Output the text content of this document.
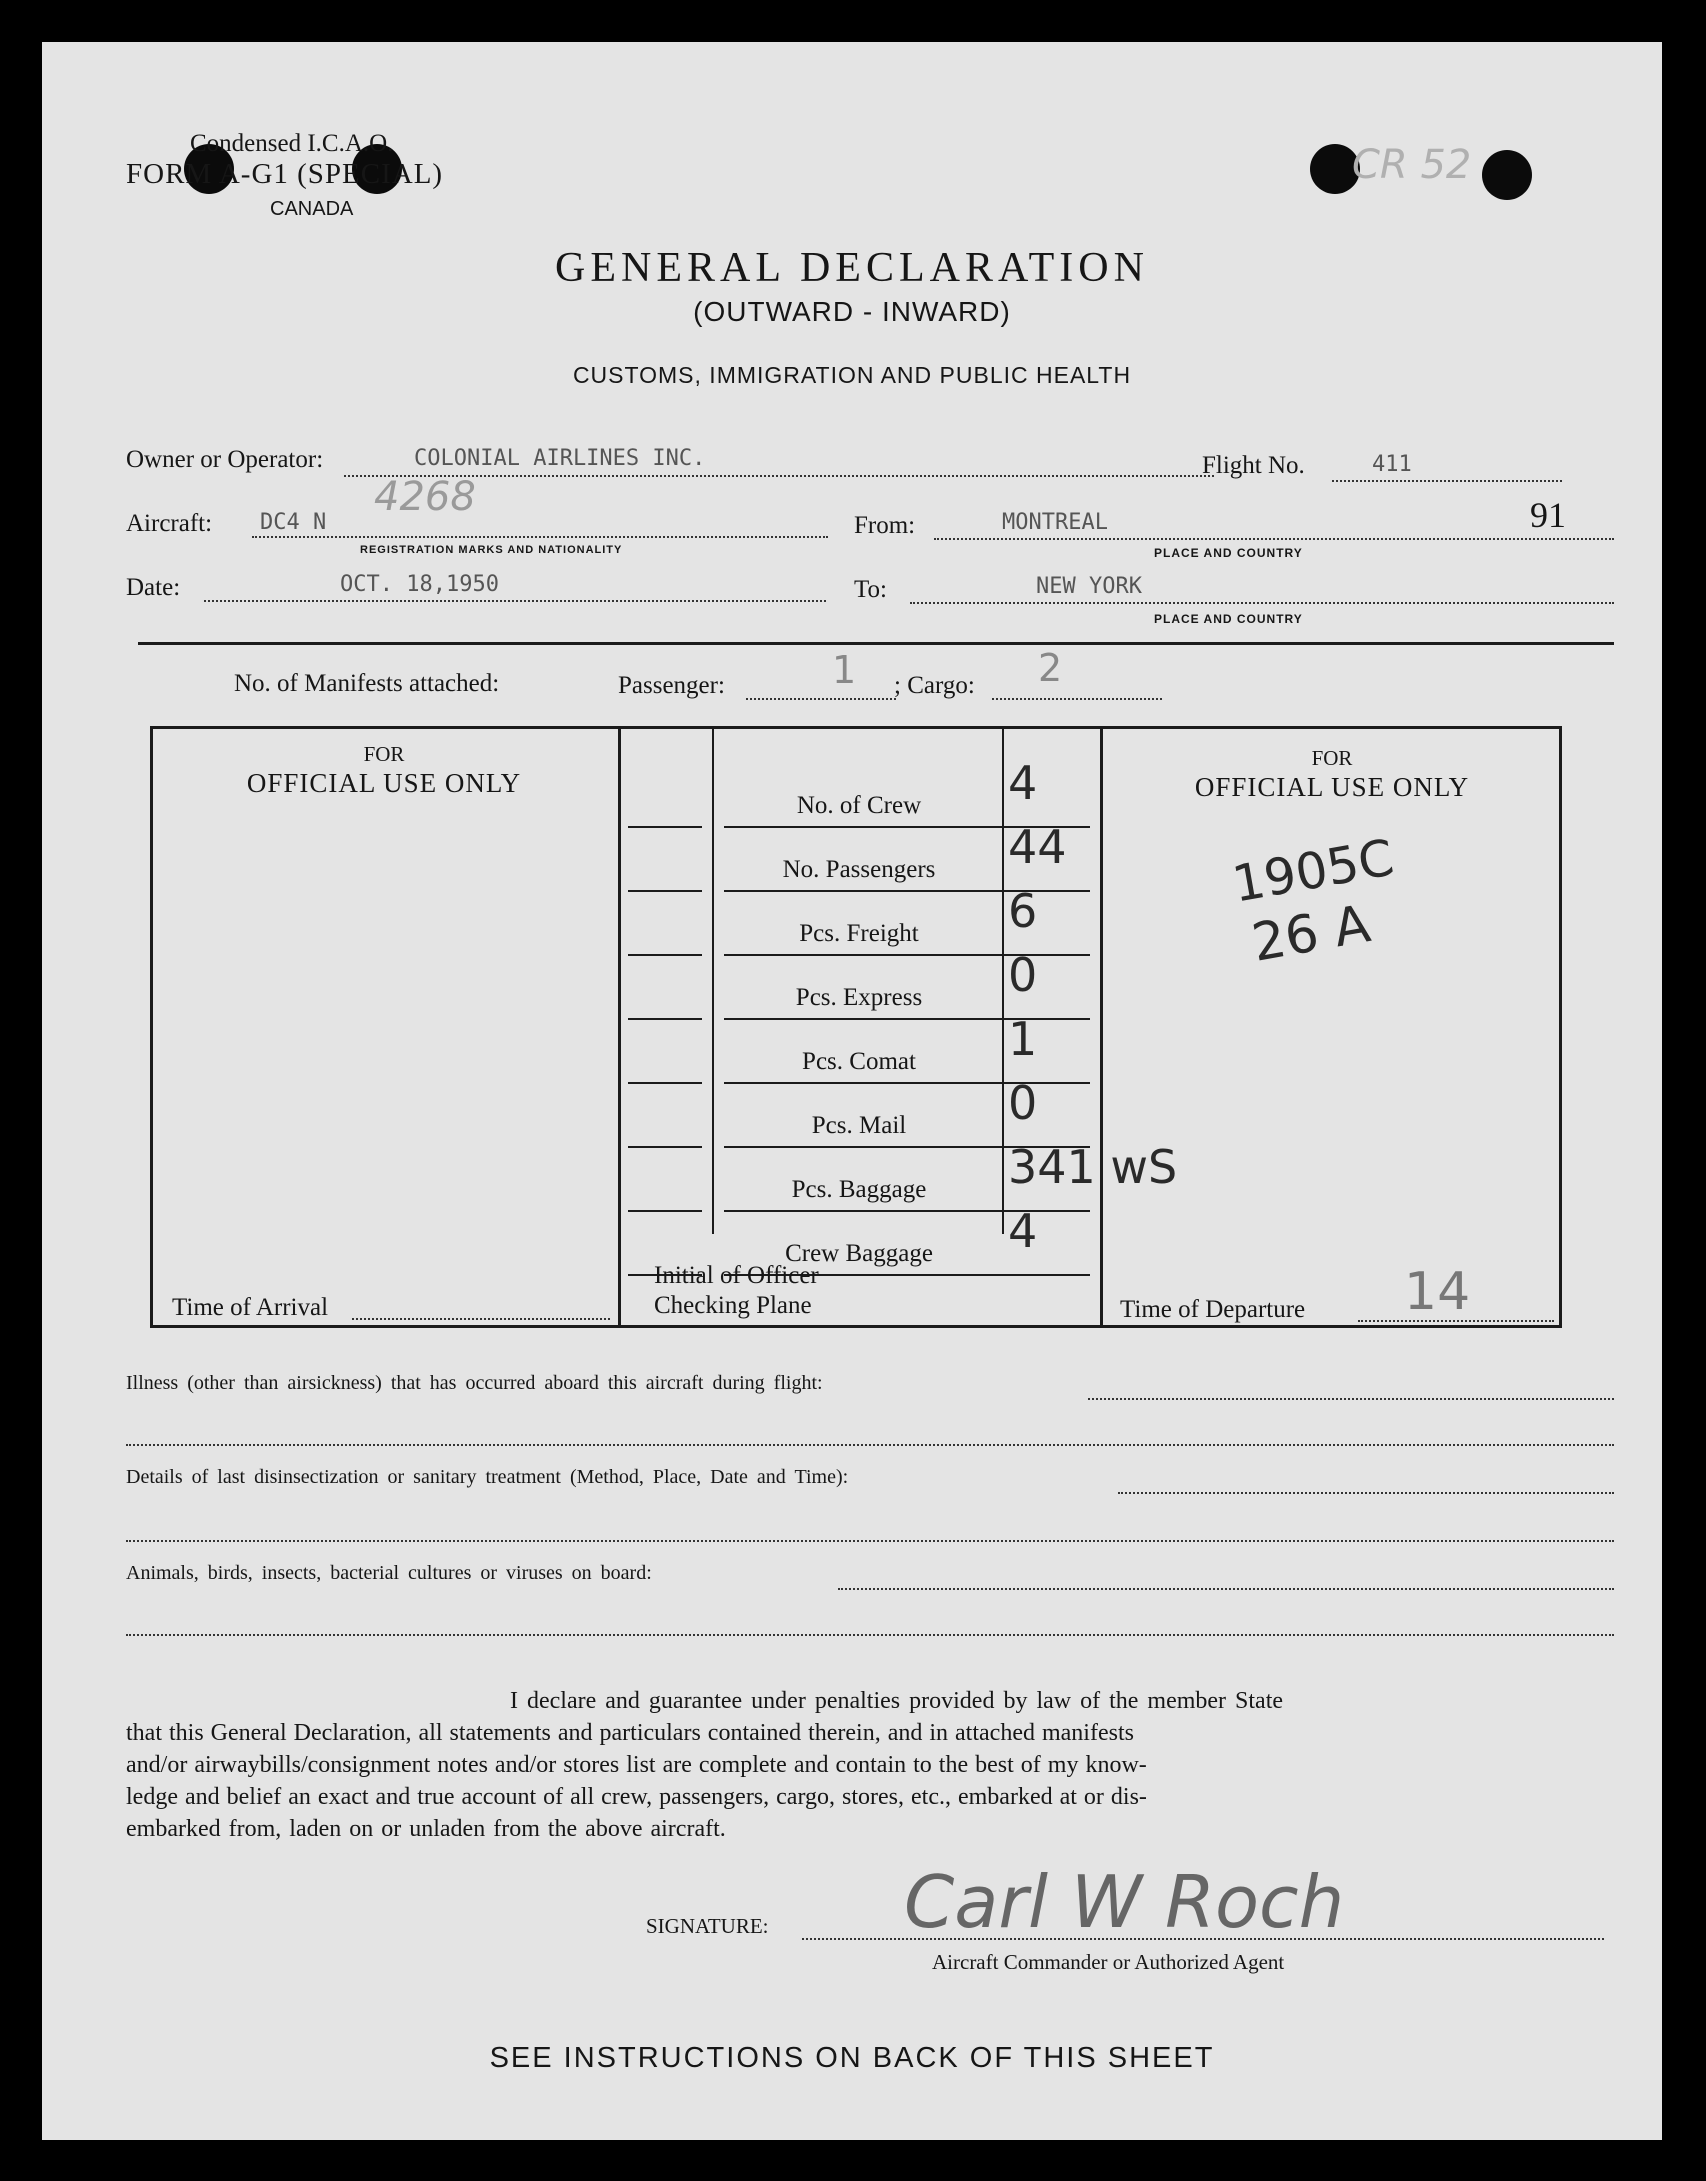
Condensed I.C.A.O.
FORM A-G1 (SPECIAL)
CANADA
CR 52
GENERAL DECLARATION
(OUTWARD - INWARD)
CUSTOMS, IMMIGRATION AND PUBLIC HEALTH
Owner or Operator:	COLONIAL AIRLINES INC.	Flight No.	411
91
Aircraft: DC4 N
4268
REGISTRATION MARKS AND NATIONALITY
From:	MONTREAL
PLACE AND COUNTRY
Date:	OCT. 18,1950	To:	NEW YORK
PLACE AND COUNTRY
No. of Manifests attached:	Passenger:	1 ; Cargo: 2
FOR
OFFICIAL USE ONLY
FOR
OFFICIAL USE ONLY
1905C
26 A
No. of Crew	4
No. Passengers	44
Pcs. Freight	6
Pcs. Express	0
Pcs. Comat	1
Pcs. Mail	0
Pcs. Baggage	341 wS
Crew Baggage	4
Time of Arrival
Initial of Officer
Checking Plane	Time of Departure 14
Illness (other than airsickness) that has occurred aboard this aircraft during flight:
Details of last disinsectization or sanitary treatment (Method, Place, Date and Time):
Animals, birds, insects, bacterial cultures or viruses on board:
I declare and guarantee under penalties provided by law of the member State
that this General Declaration, all statements and particulars contained therein, and in attached manifests
and/or airwaybills/consignment notes and/or stores list are complete and contain to the best of my know-
ledge and belief an exact and true account of all crew, passengers, cargo, stores, etc., embarked at or dis-
embarked from, laden on or unladen from the above aircraft.
SIGNATURE: Carl W Roch
Aircraft Commander or Authorized Agent
SEE INSTRUCTIONS ON BACK OF THIS SHEET
